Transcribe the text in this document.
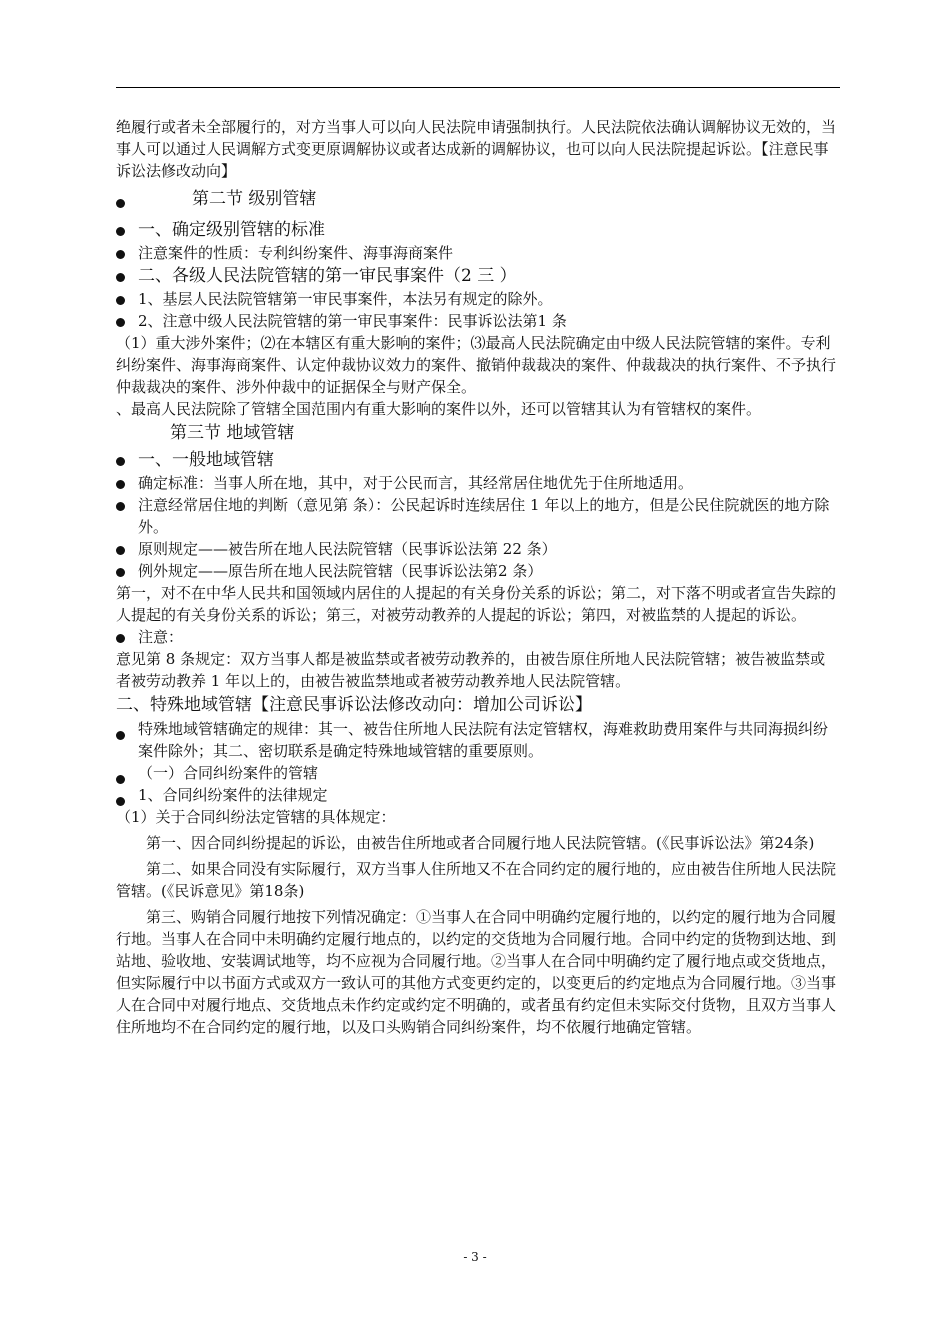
绝履行或者未全部履行的，对方当事人可以向人民法院申请强制执行。人民法院依法确认调解协议无效的，当事人可以通过人民调解方式变更原调解协议或者达成新的调解协议，也可以向人民法院提起诉讼。【注意民事诉讼法修改动向】

第二节 级别管辖
一、确定级别管辖的标准
注意案件的性质：专利纠纷案件、海事海商案件
二、各级人民法院管辖的第一审民事案件（2 三 ）
1、基层人民法院管辖第一审民事案件，本法另有规定的除外。
2、注意中级人民法院管辖的第一审民事案件：民事诉讼法第1 条

（1）重大涉外案件；⑵在本辖区有重大影响的案件；⑶最高人民法院确定由中级人民法院管辖的案件。专利纠纷案件、海事海商案件、认定仲裁协议效力的案件、撤销仲裁裁决的案件、仲裁裁决的执行案件、不予执行仲裁裁决的案件、涉外仲裁中的证据保全与财产保全。

、最高人民法院除了管辖全国范围内有重大影响的案件以外，还可以管辖其认为有管辖权的案件。

第三节 地域管辖
一、一般地域管辖
确定标准：当事人所在地，其中，对于公民而言，其经常居住地优先于住所地适用。
注意经常居住地的判断（意见第 条）：公民起诉时连续居住 1 年以上的地方，但是公民住院就医的地方除外。
原则规定——被告所在地人民法院管辖（民事诉讼法第 22 条）
例外规定——原告所在地人民法院管辖（民事诉讼法第2 条）

第一，对不在中华人民共和国领域内居住的人提起的有关身份关系的诉讼；第二，对下落不明或者宣告失踪的人提起的有关身份关系的诉讼；第三，对被劳动教养的人提起的诉讼；第四，对被监禁的人提起的诉讼。

注意：

意见第 8 条规定：双方当事人都是被监禁或者被劳动教养的，由被告原住所地人民法院管辖；被告被监禁或者被劳动教养 1 年以上的，由被告被监禁地或者被劳动教养地人民法院管辖。

二、特殊地域管辖【注意民事诉讼法修改动向：增加公司诉讼】

特殊地域管辖确定的规律：其一、被告住所地人民法院有法定管辖权，海难救助费用案件与共同海损纠纷案件除外；其二、密切联系是确定特殊地域管辖的重要原则。
（一）合同纠纷案件的管辖
1、合同纠纷案件的法律规定

（1）关于合同纠纷法定管辖的具体规定：

第一、因合同纠纷提起的诉讼，由被告住所地或者合同履行地人民法院管辖。(《民事诉讼法》第24条)

第二、如果合同没有实际履行，双方当事人住所地又不在合同约定的履行地的，应由被告住所地人民法院管辖。(《民诉意见》第18条)

第三、购销合同履行地按下列情况确定：①当事人在合同中明确约定履行地的，以约定的履行地为合同履行地。当事人在合同中未明确约定履行地点的，以约定的交货地为合同履行地。合同中约定的货物到达地、到站地、验收地、安装调试地等，均不应视为合同履行地。②当事人在合同中明确约定了履行地点或交货地点，但实际履行中以书面方式或双方一致认可的其他方式变更约定的，以变更后的约定地点为合同履行地。③当事人在合同中对履行地点、交货地点未作约定或约定不明确的，或者虽有约定但未实际交付货物，且双方当事人住所地均不在合同约定的履行地，以及口头购销合同纠纷案件，均不依履行地确定管辖。

- 3 -
